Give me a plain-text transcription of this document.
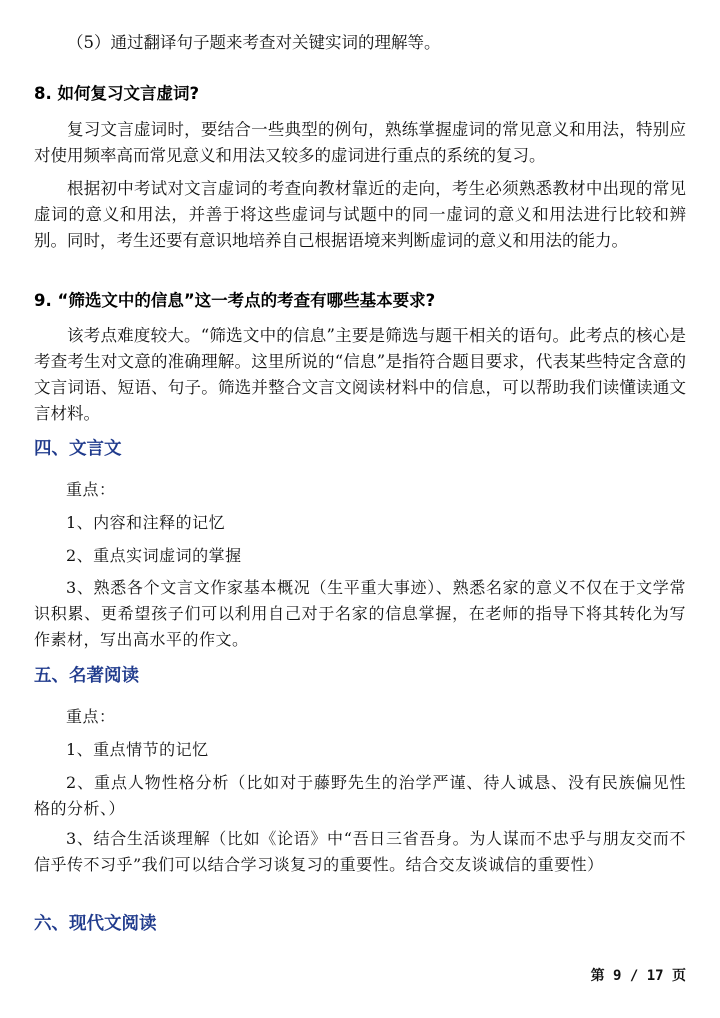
（5）通过翻译句子题来考查对关键实词的理解等。

8. 如何复习文言虚词?

复习文言虚词时，要结合一些典型的例句，熟练掌握虚词的常见意义和用法，特别应对使用频率高而常见意义和用法又较多的虚词进行重点的系统的复习。

根据初中考试对文言虚词的考查向教材靠近的走向，考生必须熟悉教材中出现的常见虚词的意义和用法，并善于将这些虚词与试题中的同一虚词的意义和用法进行比较和辨别。同时，考生还要有意识地培养自己根据语境来判断虚词的意义和用法的能力。

9. “筛选文中的信息”这一考点的考查有哪些基本要求?

该考点难度较大。“筛选文中的信息”主要是筛选与题干相关的语句。此考点的核心是考查考生对文意的准确理解。这里所说的“信息”是指符合题目要求，代表某些特定含意的文言词语、短语、句子。筛选并整合文言文阅读材料中的信息，可以帮助我们读懂读通文言材料。

四、文言文

重点：

1、内容和注释的记忆

2、重点实词虚词的掌握

3、熟悉各个文言文作家基本概况（生平重大事迹）、熟悉名家的意义不仅在于文学常识积累、更希望孩子们可以利用自己对于名家的信息掌握，在老师的指导下将其转化为写作素材，写出高水平的作文。

五、名著阅读

重点：

1、重点情节的记忆

2、重点人物性格分析（比如对于藤野先生的治学严谨、待人诚恳、没有民族偏见性格的分析、）

3、结合生活谈理解（比如《论语》中“吾日三省吾身。为人谋而不忠乎与朋友交而不信乎传不习乎”我们可以结合学习谈复习的重要性。结合交友谈诚信的重要性）

六、现代文阅读
第 9 / 17 页
